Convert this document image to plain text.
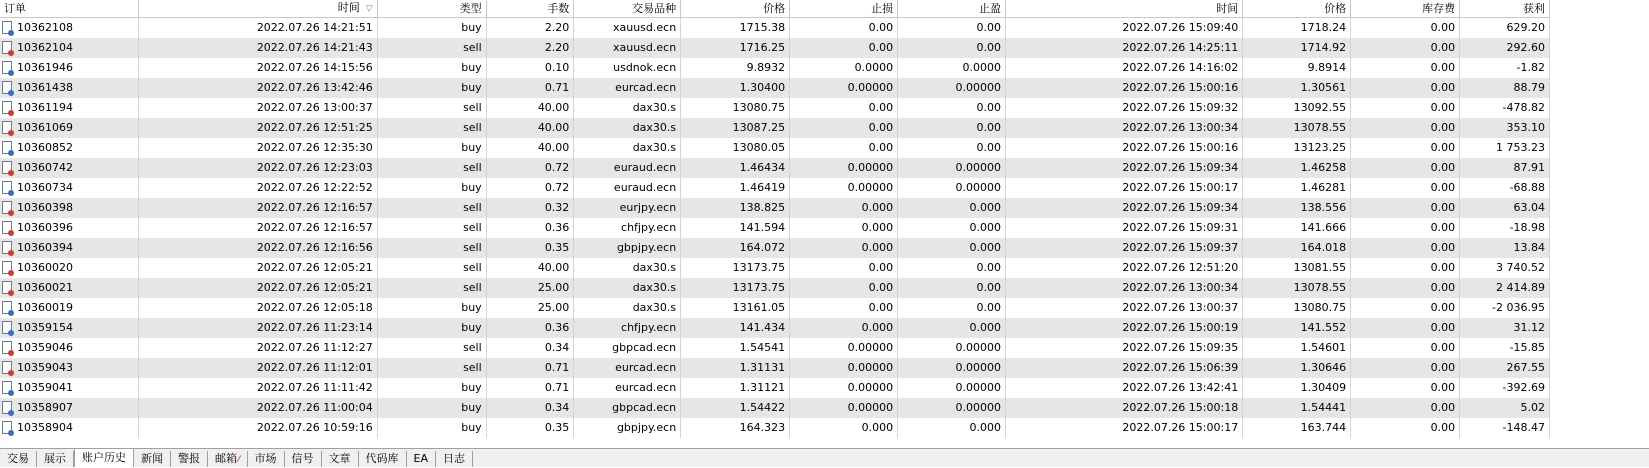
订单	时间 ▽	类型	手数	交易品种	价格	止损	止盈	时间	价格	库存费	获利

10362108	2022.07.26 14:21:51	buy	2.20	xauusd.ecn	1715.38	0.00	0.00	2022.07.26 15:09:40	1718.24	0.00	629.20

10362104	2022.07.26 14:21:43	sell	2.20	xauusd.ecn	1716.25	0.00	0.00	2022.07.26 14:25:11	1714.92	0.00	292.60

10361946	2022.07.26 14:15:56	buy	0.10	usdnok.ecn	9.8932	0.0000	0.0000	2022.07.26 14:16:02	9.8914	0.00	-1.82

10361438	2022.07.26 13:42:46	buy	0.71	eurcad.ecn	1.30400	0.00000	0.00000	2022.07.26 15:00:16	1.30561	0.00	88.79

10361194	2022.07.26 13:00:37	sell	40.00	dax30.s	13080.75	0.00	0.00	2022.07.26 15:09:32	13092.55	0.00	-478.82

10361069	2022.07.26 12:51:25	sell	40.00	dax30.s	13087.25	0.00	0.00	2022.07.26 13:00:34	13078.55	0.00	353.10

10360852	2022.07.26 12:35:30	buy	40.00	dax30.s	13080.05	0.00	0.00	2022.07.26 15:00:16	13123.25	0.00	1 753.23

10360742	2022.07.26 12:23:03	sell	0.72	euraud.ecn	1.46434	0.00000	0.00000	2022.07.26 15:09:34	1.46258	0.00	87.91

10360734	2022.07.26 12:22:52	buy	0.72	euraud.ecn	1.46419	0.00000	0.00000	2022.07.26 15:00:17	1.46281	0.00	-68.88

10360398	2022.07.26 12:16:57	sell	0.32	eurjpy.ecn	138.825	0.000	0.000	2022.07.26 15:09:34	138.556	0.00	63.04

10360396	2022.07.26 12:16:57	sell	0.36	chfjpy.ecn	141.594	0.000	0.000	2022.07.26 15:09:31	141.666	0.00	-18.98

10360394	2022.07.26 12:16:56	sell	0.35	gbpjpy.ecn	164.072	0.000	0.000	2022.07.26 15:09:37	164.018	0.00	13.84

10360020	2022.07.26 12:05:21	sell	40.00	dax30.s	13173.75	0.00	0.00	2022.07.26 12:51:20	13081.55	0.00	3 740.52

10360021	2022.07.26 12:05:21	sell	25.00	dax30.s	13173.75	0.00	0.00	2022.07.26 13:00:34	13078.55	0.00	2 414.89

10360019	2022.07.26 12:05:18	buy	25.00	dax30.s	13161.05	0.00	0.00	2022.07.26 13:00:37	13080.75	0.00	-2 036.95

10359154	2022.07.26 11:23:14	buy	0.36	chfjpy.ecn	141.434	0.000	0.000	2022.07.26 15:00:19	141.552	0.00	31.12

10359046	2022.07.26 11:12:27	sell	0.34	gbpcad.ecn	1.54541	0.00000	0.00000	2022.07.26 15:09:35	1.54601	0.00	-15.85

10359043	2022.07.26 11:12:01	sell	0.71	eurcad.ecn	1.31131	0.00000	0.00000	2022.07.26 15:06:39	1.30646	0.00	267.55

10359041	2022.07.26 11:11:42	buy	0.71	eurcad.ecn	1.31121	0.00000	0.00000	2022.07.26 13:42:41	1.30409	0.00	-392.69

10358907	2022.07.26 11:00:04	buy	0.34	gbpcad.ecn	1.54422	0.00000	0.00000	2022.07.26 15:00:18	1.54441	0.00	5.02

10358904	2022.07.26 10:59:16	buy	0.35	gbpjpy.ecn	164.323	0.000	0.000	2022.07.26 15:00:17	163.744	0.00	-148.47
交易	展示	账户历史	新闻	警报	邮箱⁄	市场	信号	文章	代码库	EA	日志
